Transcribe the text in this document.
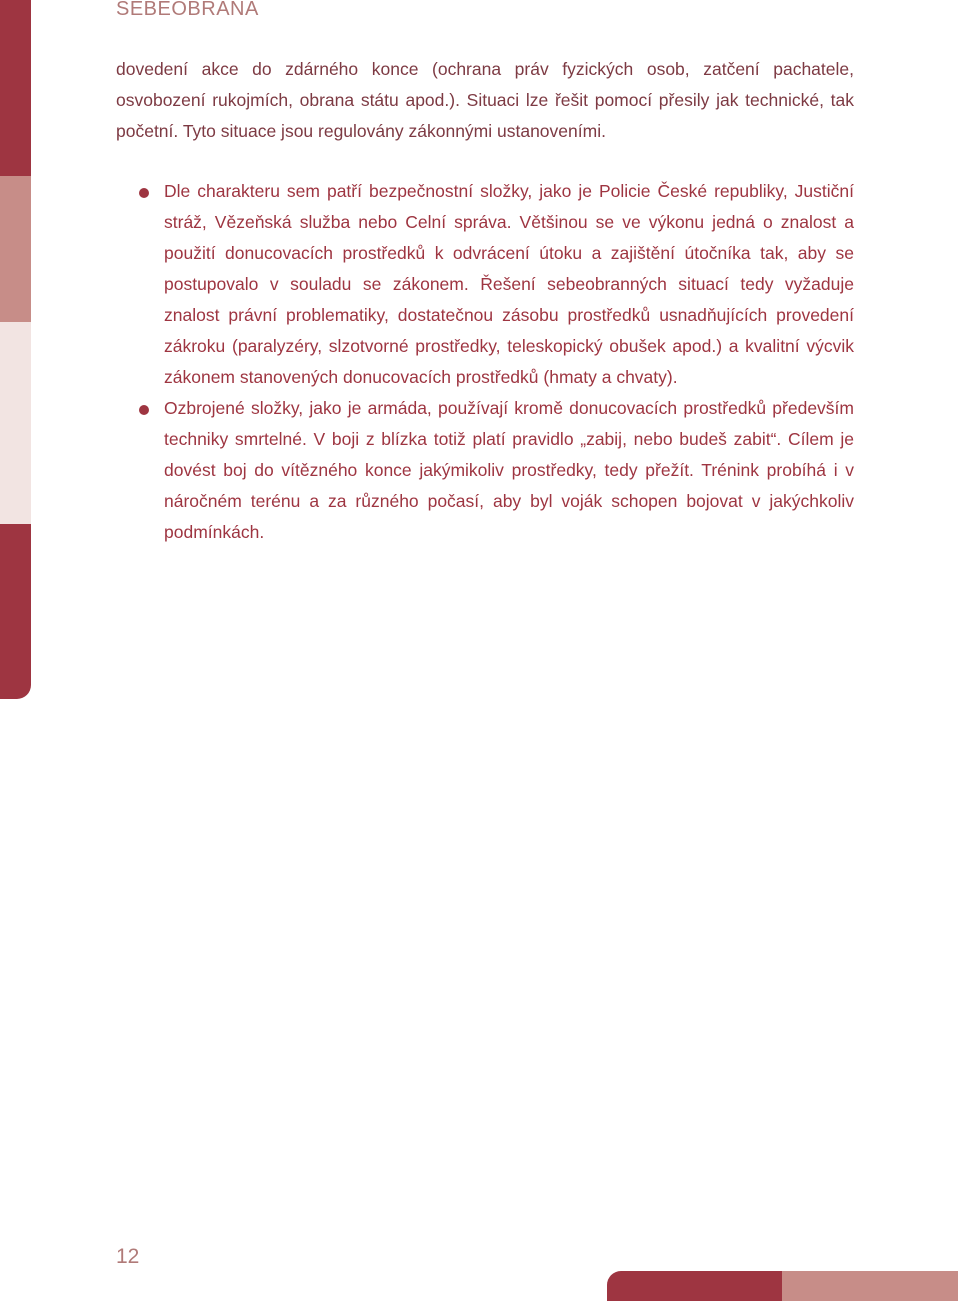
SEBEOBRANA

dovedení akce do zdárného konce (ochrana práv fyzických osob, zatčení pachatele, osvobození rukojmích, obrana státu apod.). Situaci lze řešit pomocí přesily jak technické, tak početní. Tyto situace jsou regulovány zákonnými ustanoveními.

Dle charakteru sem patří bezpečnostní složky, jako je Policie České republiky, Justiční stráž, Vězeňská služba nebo Celní správa. Většinou se ve výkonu jedná o znalost a použití donucovacích prostředků k odvrácení útoku a zajištění útočníka tak, aby se postupovalo v souladu se zákonem. Řešení sebeobranných situací tedy vyžaduje znalost právní problematiky, dostatečnou zásobu prostředků usnadňujících provedení zákroku (paralyzéry, slzotvorné prostředky, teleskopický obušek apod.) a kvalitní výcvik zákonem stanovených donucovacích prostředků (hmaty a chvaty).
Ozbrojené složky, jako je armáda, používají kromě donucovacích prostředků především techniky smrtelné. V boji z blízka totiž platí pravidlo „zabij, nebo budeš zabit“. Cílem je dovést boj do vítězného konce jakýmikoliv prostředky, tedy přežít. Trénink probíhá i v náročném terénu a za různého počasí, aby byl voják schopen bojovat v jakýchkoliv podmínkách.
12
